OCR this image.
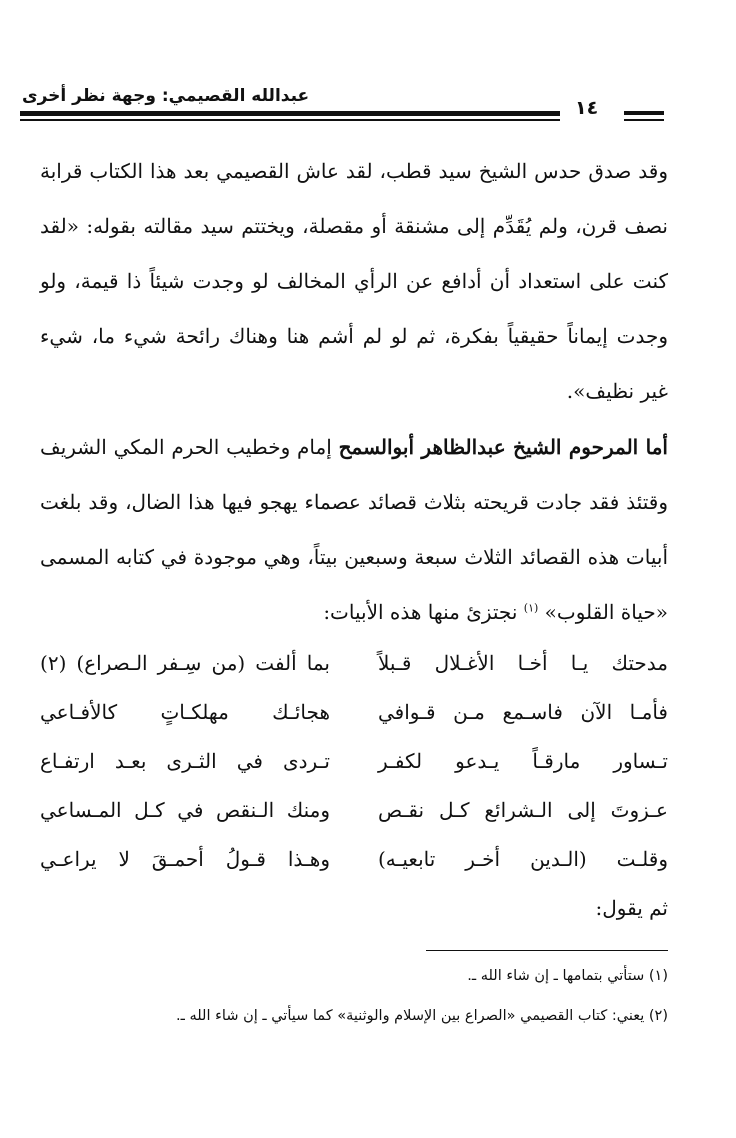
عبدالله القصيمي: وجهة نظر أخرى
١٤

وقد صدق حدس الشيخ سيد قطب، لقد عاش القصيمي بعد هذا الكتاب قرابة نصف قرن، ولم يُقَدِّم إلى مشنقة أو مقصلة، ويختتم سيد مقالته بقوله: «لقد كنت على استعداد أن أدافع عن الرأي المخالف لو وجدت شيئاً ذا قيمة، ولو وجدت إيماناً حقيقياً بفكرة، ثم لو لم أشم هنا وهناك رائحة شيء ما، شيء غير نظيف».

أما المرحوم الشيخ عبدالظاهر أبوالسمح إمام وخطيب الحرم المكي الشريف وقتئذ فقد جادت قريحته بثلاث قصائد عصماء يهجو فيها هذا الضال، وقد بلغت أبيات هذه القصائد الثلاث سبعة وسبعين بيتاً، وهي موجودة في كتابه المسمى «حياة القلوب» $^{(١)}$ نجتزئ منها هذه الأبيات:

مدحتك يـا أخـا الأغـلال قـبلاً
بما ألفت (من سِـفر الـصراع) (٢)
فأمـا الآن فاسـمع مـن قـوافي
هجائـك مهلكـاتٍ كالأفـاعي
تـساور مارقـاً يـدعو لكفـر
تـردى في الثـرى بعـد ارتفـاع
عـزوتَ إلى الـشرائع كـل نقـص
ومنك الـنقص في كـل المـساعي
وقلـت (الـدين أخـر تابعيـه)
وهـذا قـولُ أحمـقَ لا يراعـي
ثم يقول:
(١) ستأتي بتمامها ـ إن شاء الله ـ.
(٢) يعني: كتاب القصيمي «الصراع بين الإسلام والوثنية» كما سيأتي ـ إن شاء الله ـ.
